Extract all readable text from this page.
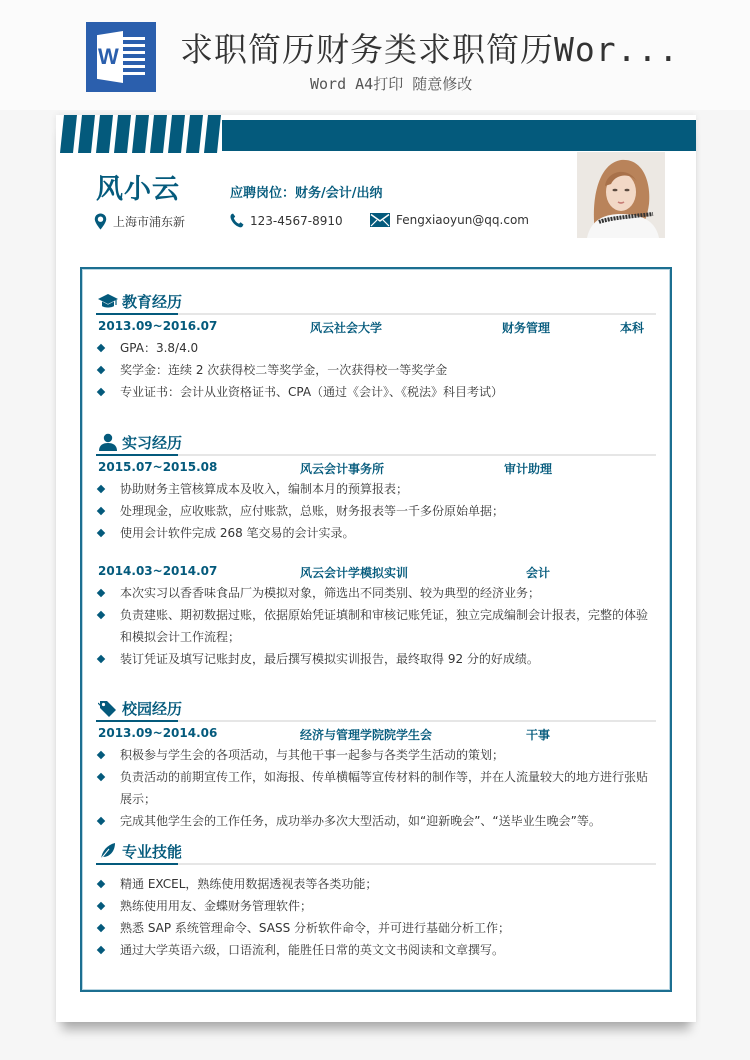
W 求职简历财务类求职简历Wor...
Word A4打印 随意修改
风小云	应聘岗位：财务/会计/出纳
上海市浦东新	123-4567-8910	Fengxiaoyun@qq.com
教育经历
2013.09~2016.07	风云社会大学	财务管理	本科
GPA：3.8/4.0
奖学金：连续 2 次获得校二等奖学金，一次获得校一等奖学金
专业证书：会计从业资格证书、CPA（通过《会计》、《税法》科目考试）
实习经历
2015.07~2015.08	风云会计事务所	审计助理
协助财务主管核算成本及收入，编制本月的预算报表；
处理现金，应收账款，应付账款，总账，财务报表等一千多份原始单据；
使用会计软件完成 268 笔交易的会计实录。
2014.03~2014.07	风云会计学模拟实训	会计
本次实习以香香味食品厂为模拟对象，筛选出不同类别、较为典型的经济业务；
负责建账、期初数据过账，依据原始凭证填制和审核记账凭证，独立完成编制会计报表，完整的体验和模拟会计工作流程；
装订凭证及填写记账封皮，最后撰写模拟实训报告，最终取得 92 分的好成绩。
校园经历
2013.09~2014.06	经济与管理学院院学生会	干事
积极参与学生会的各项活动，与其他干事一起参与各类学生活动的策划；
负责活动的前期宣传工作，如海报、传单横幅等宣传材料的制作等，并在人流量较大的地方进行张贴展示；
完成其他学生会的工作任务，成功举办多次大型活动，如“迎新晚会”、“送毕业生晚会”等。
专业技能
精通 EXCEL，熟练使用数据透视表等各类功能；
熟练使用用友、金蝶财务管理软件；
熟悉 SAP 系统管理命令、SASS 分析软件命令，并可进行基础分析工作；
通过大学英语六级，口语流利，能胜任日常的英文文书阅读和文章撰写。
